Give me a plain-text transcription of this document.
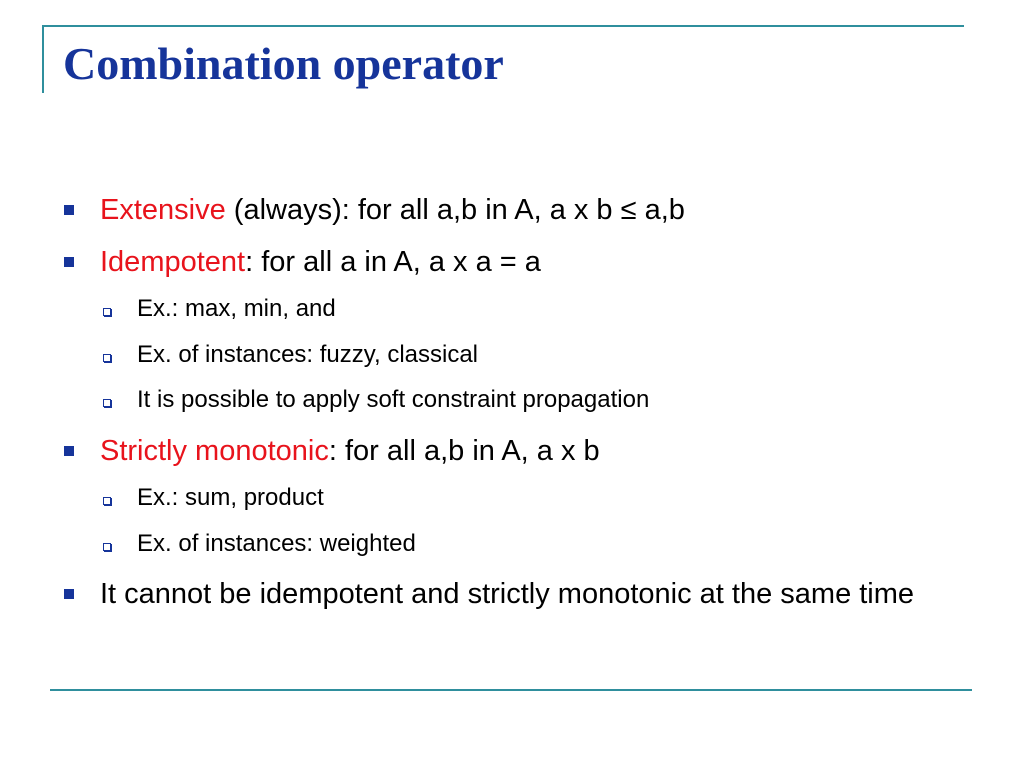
Combination operator
Extensive (always): for all a,b in A, a x b ≤ a,b
Idempotent: for all a in A, a x a = a
Ex.: max, min, and
Ex. of instances: fuzzy, classical
It is possible to apply soft constraint propagation
Strictly monotonic: for all a,b in A, a x b
Ex.: sum, product
Ex. of instances: weighted
It cannot be idempotent and strictly monotonic at the same time
